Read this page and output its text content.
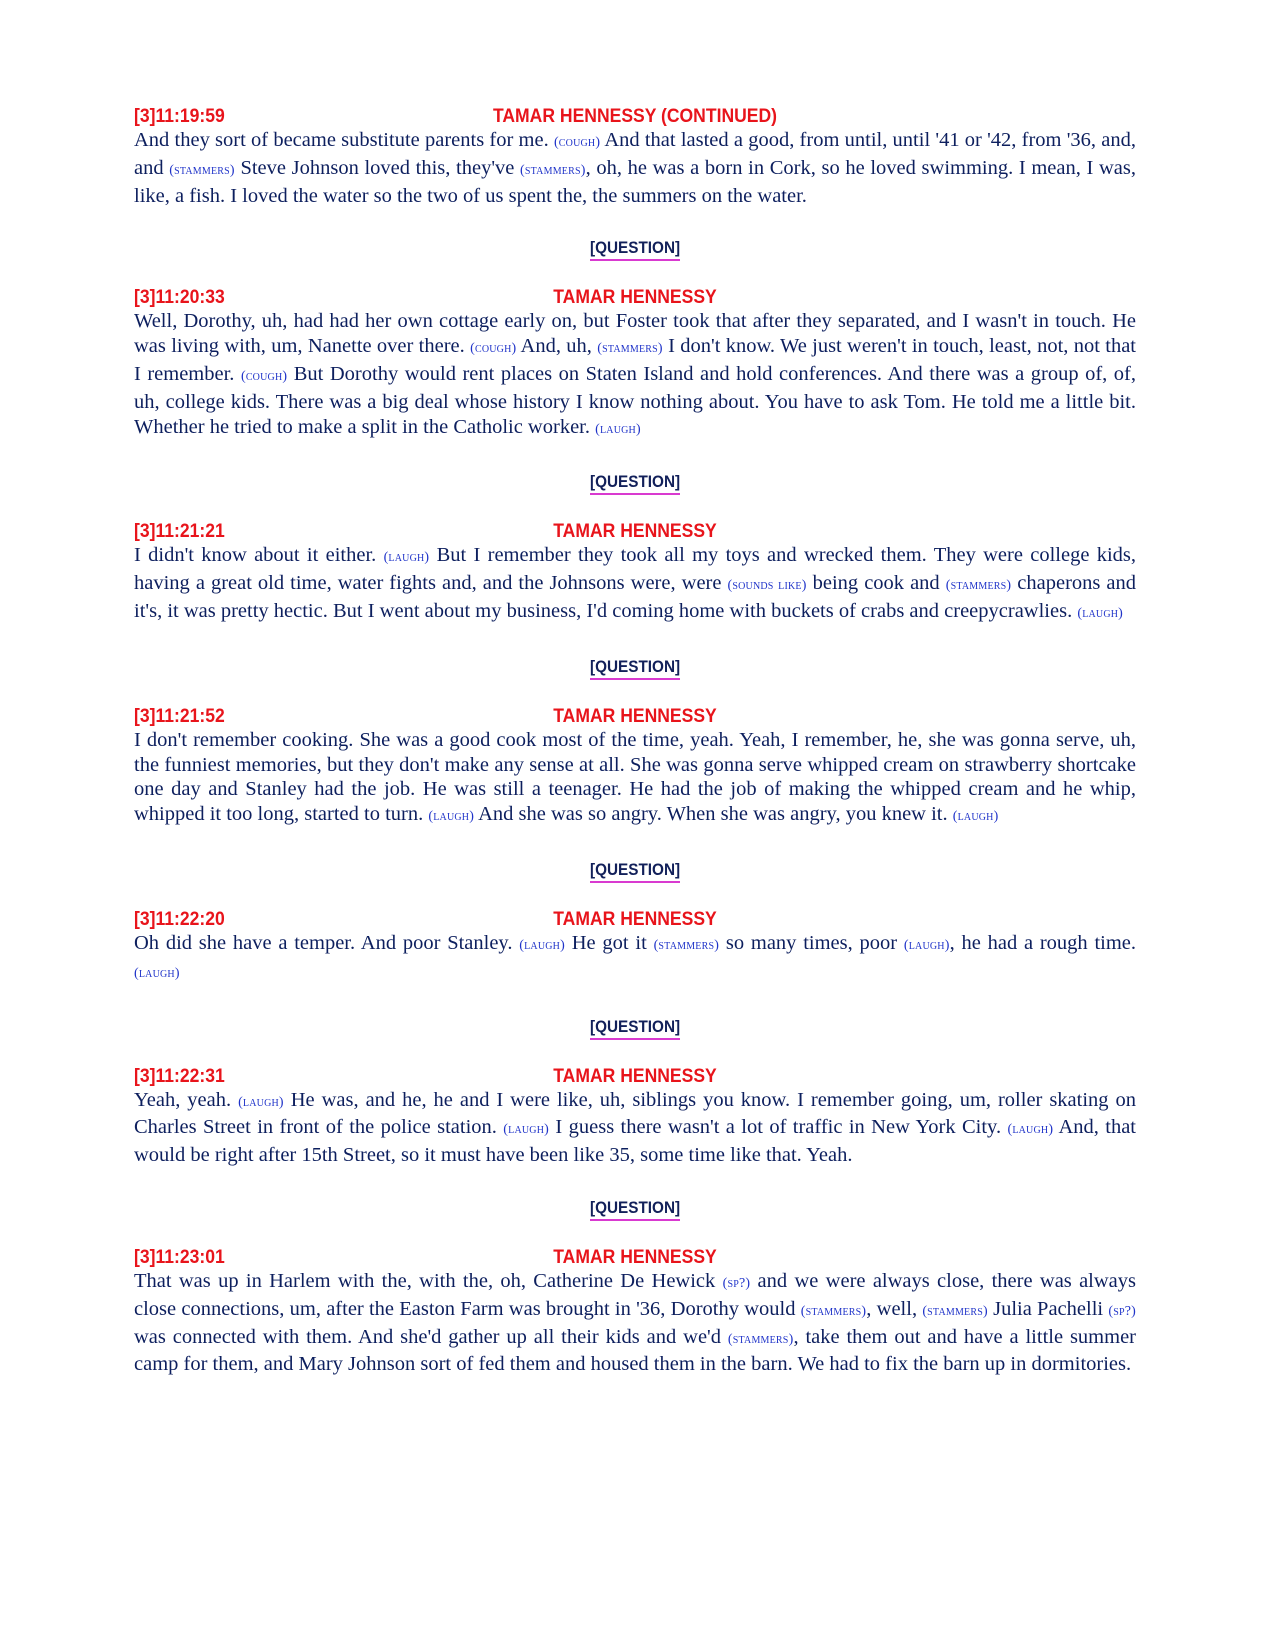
TAMAR HENNESSY (CONTINUED)
[3]11:19:59

And they sort of became substitute parents for me. (cough) And that lasted a good, from until, until '41 or '42, from '36, and, and (stammers) Steve Johnson loved this, they've (stammers), oh, he was a born in Cork, so he loved swimming. I mean, I was, like, a fish. I loved the water so the two of us spent the, the summers on the water.

[QUESTION]
TAMAR HENNESSY
[3]11:20:33

Well, Dorothy, uh, had had her own cottage early on, but Foster took that after they separated, and I wasn't in touch. He was living with, um, Nanette over there. (cough) And, uh, (stammers) I don't know. We just weren't in touch, least, not, not that I remember. (cough) But Dorothy would rent places on Staten Island and hold conferences. And there was a group of, of, uh, college kids. There was a big deal whose history I know nothing about. You have to ask Tom. He told me a little bit. Whether he tried to make a split in the Catholic worker. (laugh)

[QUESTION]
TAMAR HENNESSY
[3]11:21:21

I didn't know about it either. (laugh) But I remember they took all my toys and wrecked them. They were college kids, having a great old time, water fights and, and the Johnsons were, were (sounds like) being cook and (stammers) chaperons and it's, it was pretty hectic. But I went about my business, I'd coming home with buckets of crabs and creepycrawlies. (laugh)

[QUESTION]
TAMAR HENNESSY
[3]11:21:52

I don't remember cooking. She was a good cook most of the time, yeah. Yeah, I remember, he, she was gonna serve, uh, the funniest memories, but they don't make any sense at all. She was gonna serve whipped cream on strawberry shortcake one day and Stanley had the job. He was still a teenager. He had the job of making the whipped cream and he whip, whipped it too long, started to turn. (laugh) And she was so angry. When she was angry, you knew it. (laugh)

[QUESTION]
TAMAR HENNESSY
[3]11:22:20

Oh did she have a temper. And poor Stanley. (laugh) He got it (stammers) so many times, poor (laugh), he had a rough time. (laugh)

[QUESTION]
TAMAR HENNESSY
[3]11:22:31

Yeah, yeah. (laugh) He was, and he, he and I were like, uh, siblings you know. I remember going, um, roller skating on Charles Street in front of the police station. (laugh) I guess there wasn't a lot of traffic in New York City. (laugh) And, that would be right after 15th Street, so it must have been like 35, some time like that. Yeah.

[QUESTION]
TAMAR HENNESSY
[3]11:23:01

That was up in Harlem with the, with the, oh, Catherine De Hewick (sp?) and we were always close, there was always close connections, um, after the Easton Farm was brought in '36, Dorothy would (stammers), well, (stammers) Julia Pachelli (sp?) was connected with them. And she'd gather up all their kids and we'd (stammers), take them out and have a little summer camp for them, and Mary Johnson sort of fed them and housed them in the barn. We had to fix the barn up in dormitories.
